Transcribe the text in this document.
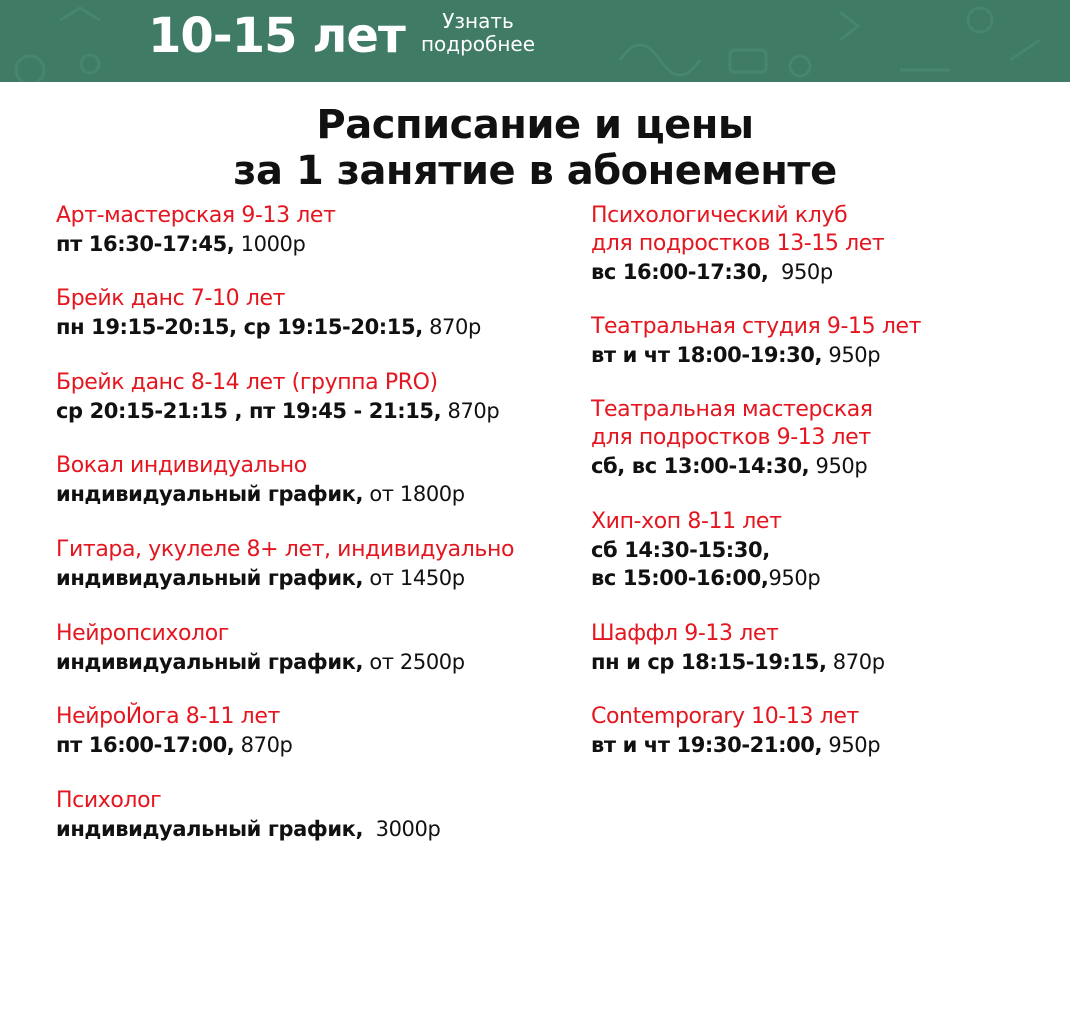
10-15 лет	Узнать
подробнее
Расписание и цены
за 1 занятие в абонементе
Арт-мастерская 9-13 лет
пт 16:30-17:45, 1000р
Брейк данс 7-10 лет
пн 19:15-20:15, ср 19:15-20:15, 870р
Брейк данс 8-14 лет (группа PRO)
ср 20:15-21:15 , пт 19:45 - 21:15, 870р
Вокал индивидуально
индивидуальный график, от 1800р
Гитара, укулеле 8+ лет, индивидуально
индивидуальный график, от 1450р
Нейропсихолог
индивидуальный график, от 2500р
НейроЙога 8-11 лет
пт 16:00-17:00, 870р
Психолог
индивидуальный график,  3000р
Психологический клуб
для подростков 13-15 лет
вс 16:00-17:30,  950р
Театральная студия 9-15 лет
вт и чт 18:00-19:30, 950р
Театральная мастерская
для подростков 9-13 лет
сб, вс 13:00-14:30, 950р
Хип-хоп 8-11 лет
сб 14:30-15:30,
вс 15:00-16:00,950р
Шаффл 9-13 лет
пн и ср 18:15-19:15, 870р
Contemporary 10-13 лет
вт и чт 19:30-21:00, 950р
